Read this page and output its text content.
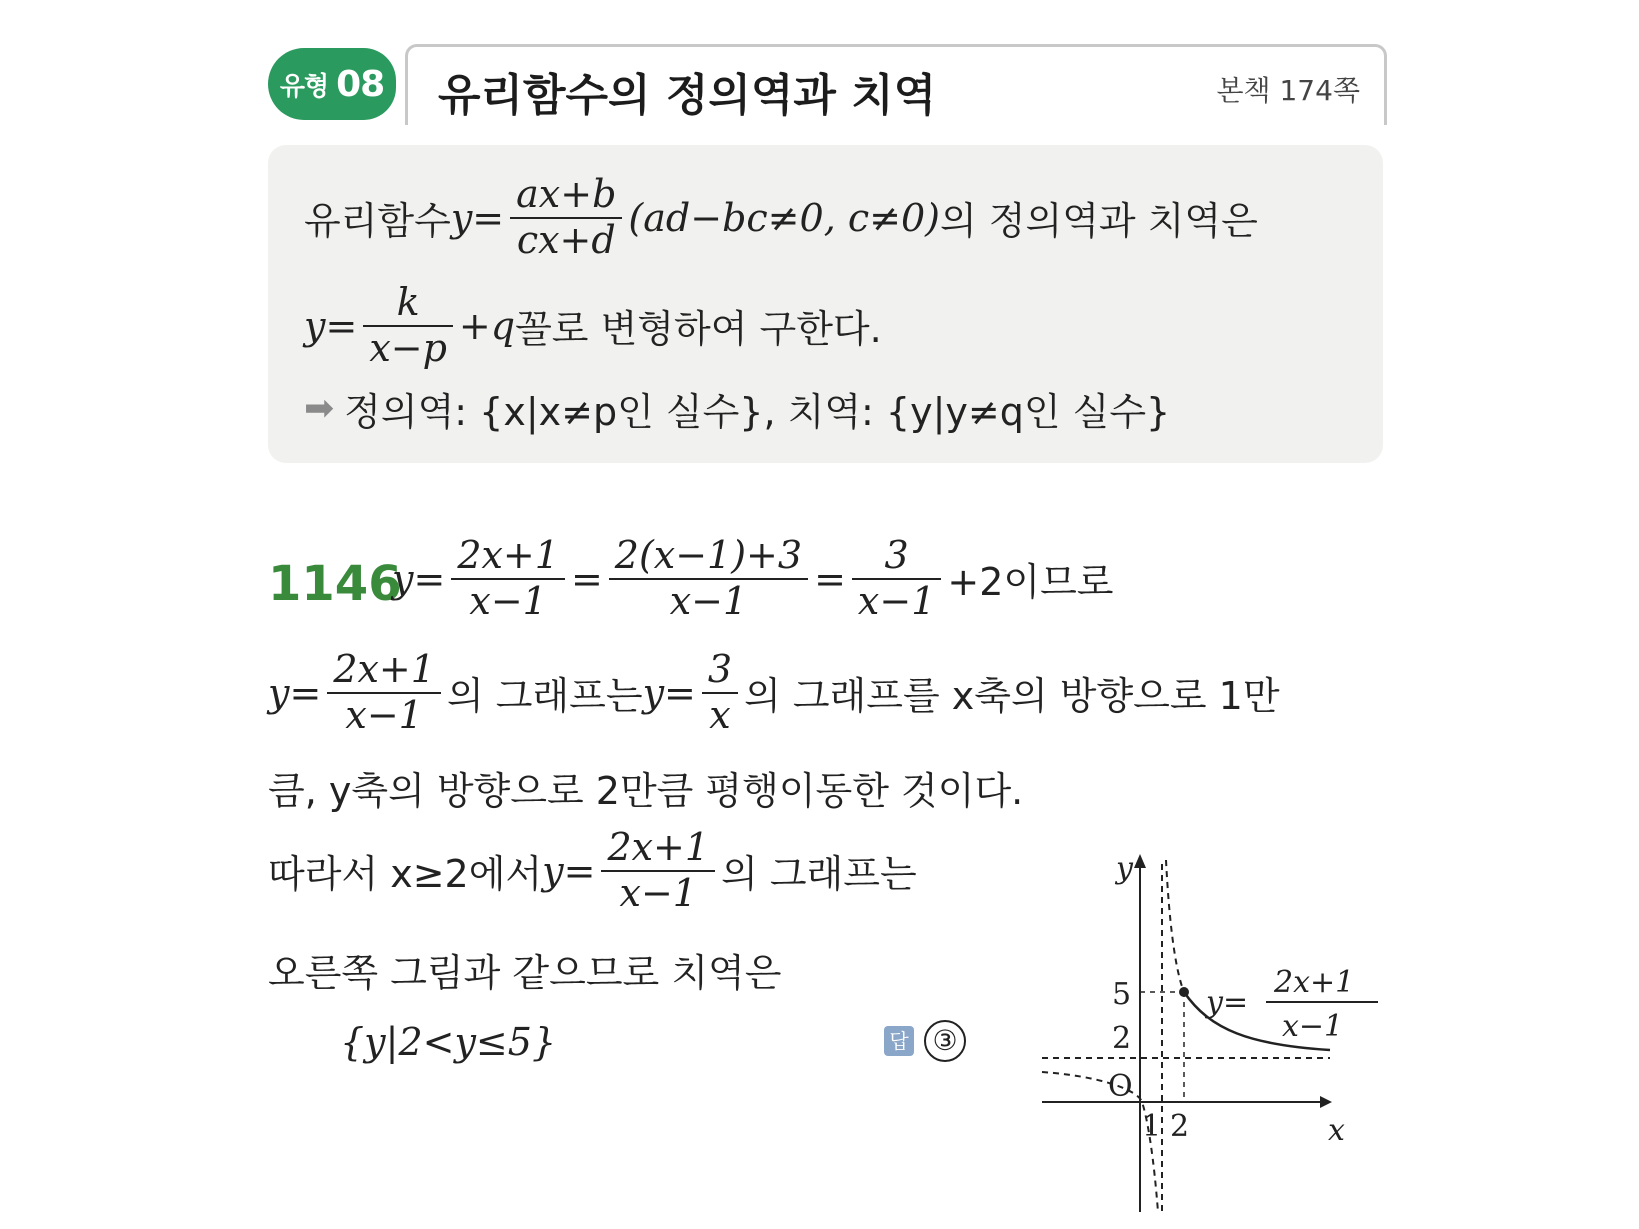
유형 08 유리함수의 정의역과 치역	본책 174쪽
유리함수 $y= \frac{ax+b}{cx+d} (ad-bc\ne 0$, c≠0) 의 정의역과 치역은
$y= \frac{k}{x-p} +q$ 꼴로 변형하여 구한다.
➡ 정의역: {x|x≠p인 실수}, 치역: {y|y≠q인 실수}
1146
$y= \frac{2x+1}{x-1} = \frac{2(x-1)+3}{x-1} = \frac{3}{x-1} +2$이므로
$y= \frac{2x+1}{x-1}$ 의 그래프는 $y= \frac{3}{x}$ 의 그래프를 x축의 방향으로 1만
큼, y축의 방향으로 2만큼 평행이동한 것이다.
따라서 x≥2에서 $y= \frac{2x+1}{x-1}$ 의 그래프는
오른쪽 그림과 같으므로 치역은
{y|2<y≤5}	답 ③
y
x
O
5
2
1 2
y=
2x+1
x−1
